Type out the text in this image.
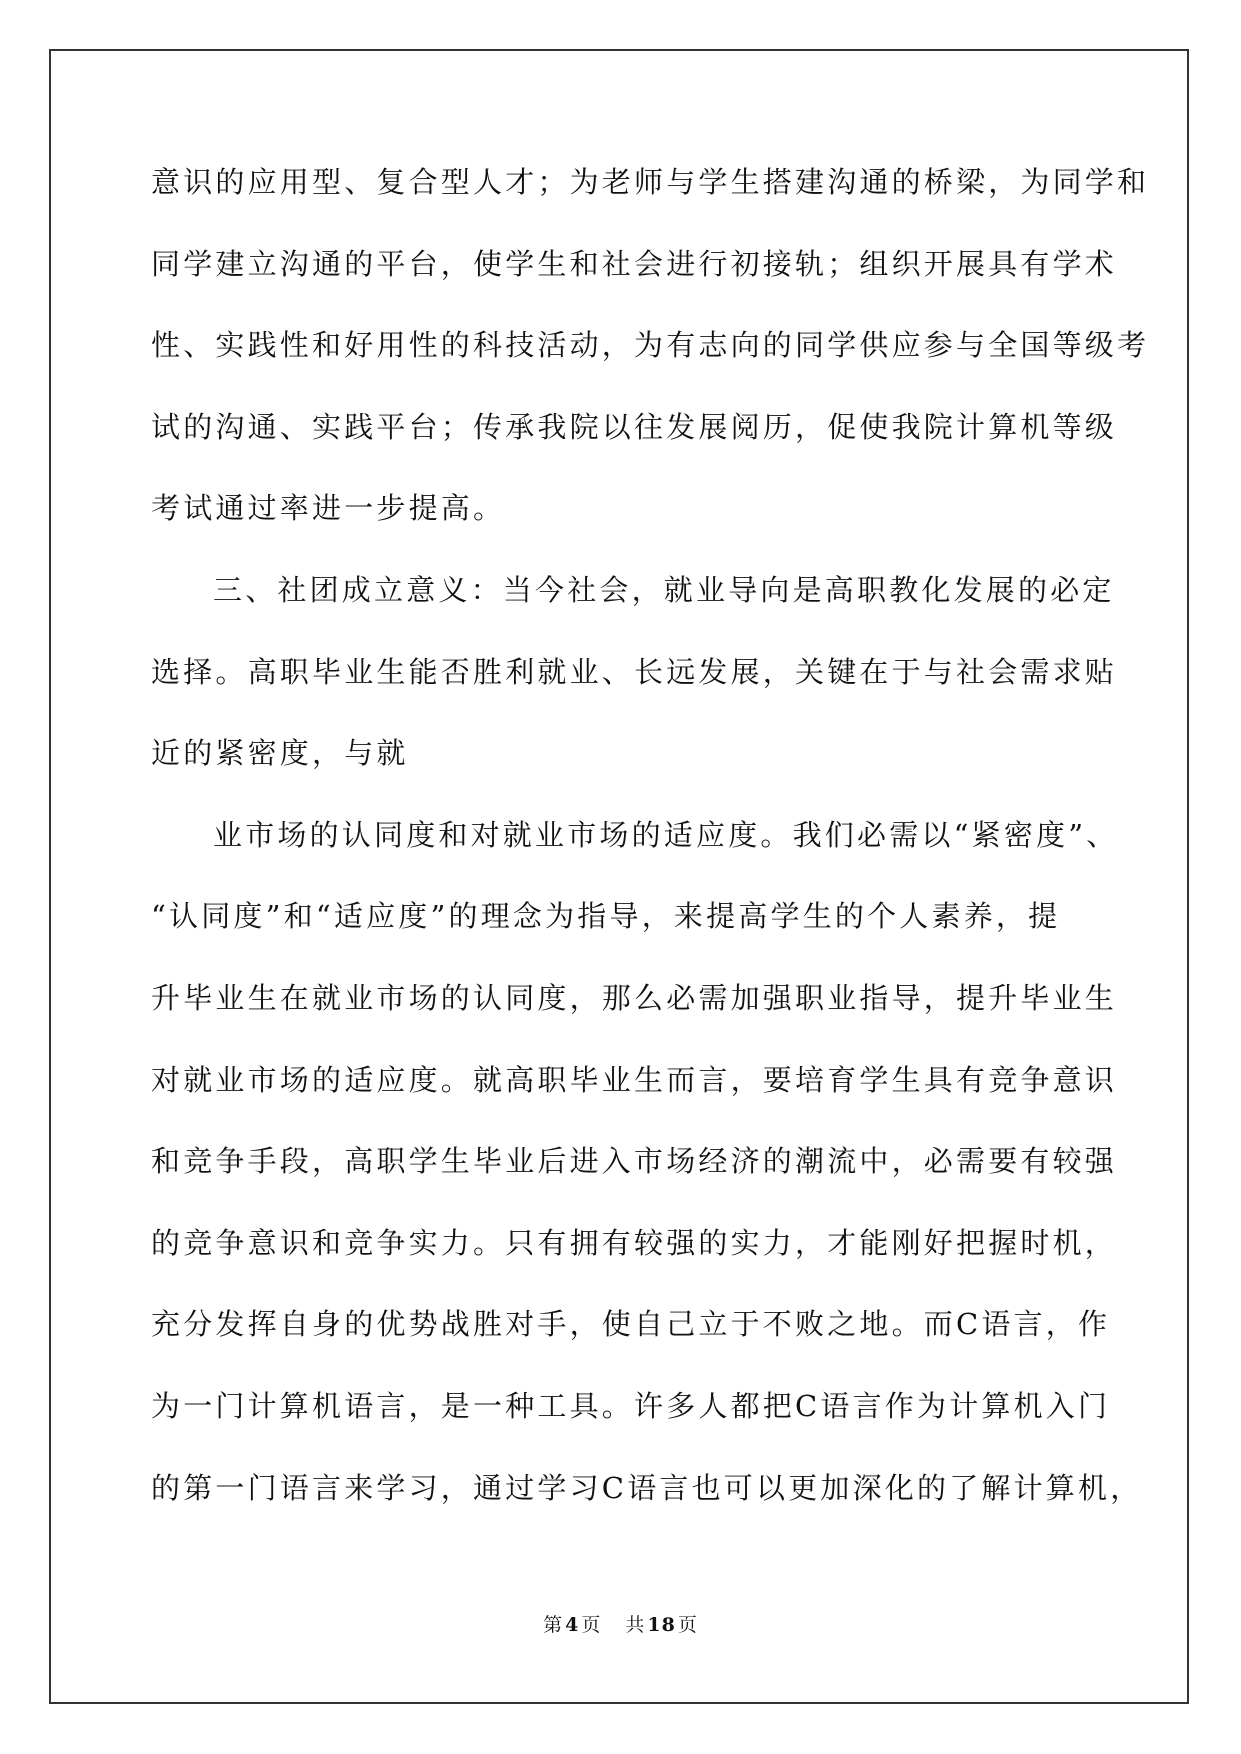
意识的应用型、复合型人才；为老师与学生搭建沟通的桥梁，为同学和
同学建立沟通的平台，使学生和社会进行初接轨；组织开展具有学术
性、实践性和好用性的科技活动，为有志向的同学供应参与全国等级考
试的沟通、实践平台；传承我院以往发展阅历，促使我院计算机等级
考试通过率进一步提高。
三、社团成立意义：当今社会，就业导向是高职教化发展的必定
选择。高职毕业生能否胜利就业、长远发展，关键在于与社会需求贴
近的紧密度，与就
业市场的认同度和对就业市场的适应度。我们必需以“紧密度”、
“认同度”和“适应度”的理念为指导，来提高学生的个人素养，提
升毕业生在就业市场的认同度，那么必需加强职业指导，提升毕业生
对就业市场的适应度。就高职毕业生而言，要培育学生具有竞争意识
和竞争手段，高职学生毕业后进入市场经济的潮流中，必需要有较强
的竞争意识和竞争实力。只有拥有较强的实力，才能刚好把握时机，
充分发挥自身的优势战胜对手，使自己立于不败之地。而C语言，作
为一门计算机语言，是一种工具。许多人都把C语言作为计算机入门
的第一门语言来学习，通过学习C语言也可以更加深化的了解计算机，
第 4 页 共 18 页
